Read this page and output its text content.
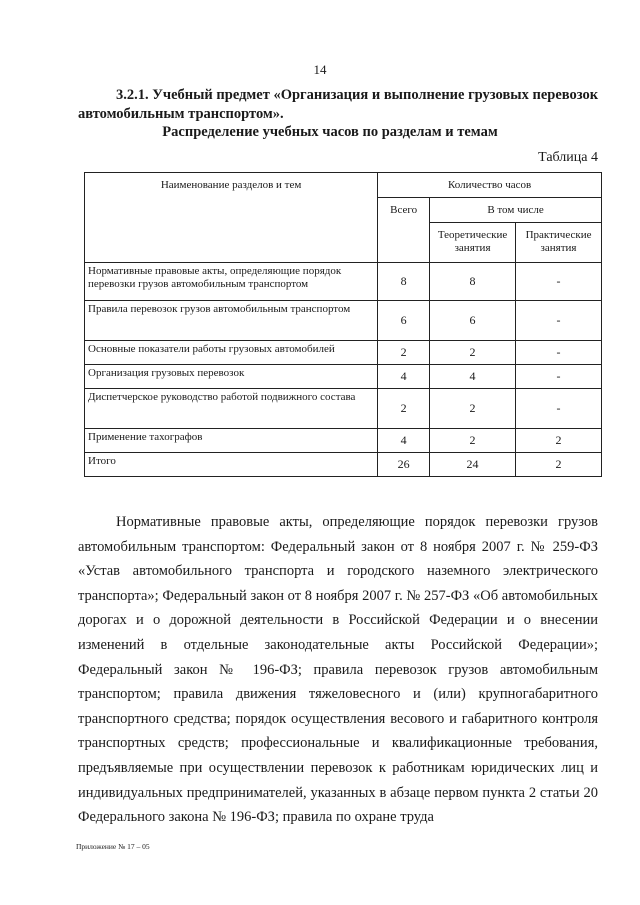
14
3.2.1. Учебный предмет «Организация и выполнение грузовых перевозок автомобильным транспортом».
Распределение учебных часов по разделам и темам
Таблица 4
Наименование разделов и тем	Количество часов		
	Всего	В том числе	
		Теоретические занятия	Практические занятия
Нормативные правовые акты, определяющие порядок перевозки грузов автомобильным транспортом	8	8	-
Правила перевозок грузов автомобильным транспортом	6	6	-
Основные показатели работы грузовых автомобилей	2	2	-
Организация грузовых перевозок	4	4	-
Диспетчерское руководство работой подвижного состава	2	2	-
Применение тахографов	4	2	2
Итого	26	24	2

Нормативные правовые акты, определяющие порядок перевозки грузов автомобильным транспортом: Федеральный закон от 8 ноября 2007 г. № 259-ФЗ «Устав автомобильного транспорта и городского наземного электрического транспорта»; Федеральный закон от 8 ноября 2007 г. № 257-ФЗ «Об автомобильных дорогах и о дорожной деятельности в Российской Федерации и о внесении изменений в отдельные законодательные акты Российской Федерации»; Федеральный закон № 196-ФЗ; правила перевозок грузов автомобильным транспортом; правила движения тяжеловесного и (или) крупногабаритного транспортного средства; порядок осуществления весового и габаритного контроля транспортных средств; профессиональные и квалификационные требования, предъявляемые при осуществлении перевозок к работникам юридических лиц и индивидуальных предпринимателей, указанных в абзаце первом пункта 2 статьи 20 Федерального закона № 196-ФЗ; правила по охране труда

Приложение № 17 – 05
